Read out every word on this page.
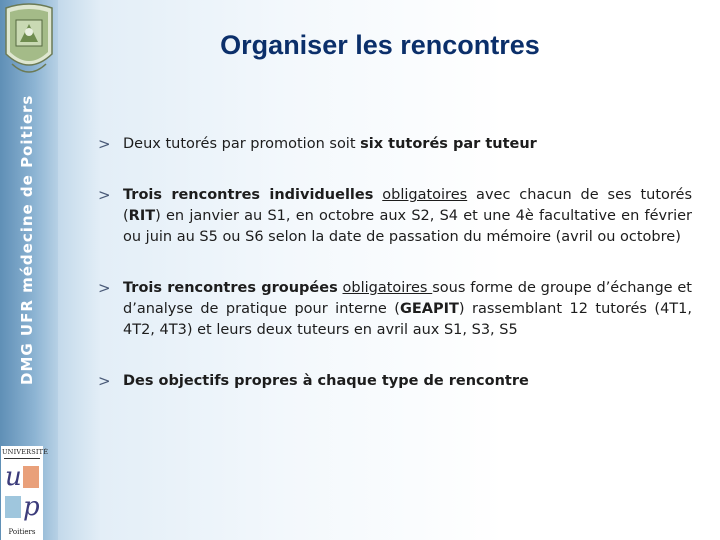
DMG UFR médecine de Poitiers
UNIVERSITÉ
u
p
Poitiers
Organiser les rencontres
> Deux tutorés par promotion soit six tutorés par tuteur
> Trois rencontres individuelles obligatoires avec chacun de ses tutorés (RIT) en janvier au S1, en octobre aux S2, S4 et une 4è facultative en février ou juin au S5 ou S6 selon la date de passation du mémoire (avril ou octobre)
> Trois rencontres groupées obligatoires sous forme de groupe d’échange et d’analyse de pratique pour interne (GEAPIT) rassemblant 12 tutorés (4T1, 4T2, 4T3) et leurs deux tuteurs en avril aux S1, S3, S5
> Des objectifs propres à chaque type de rencontre
